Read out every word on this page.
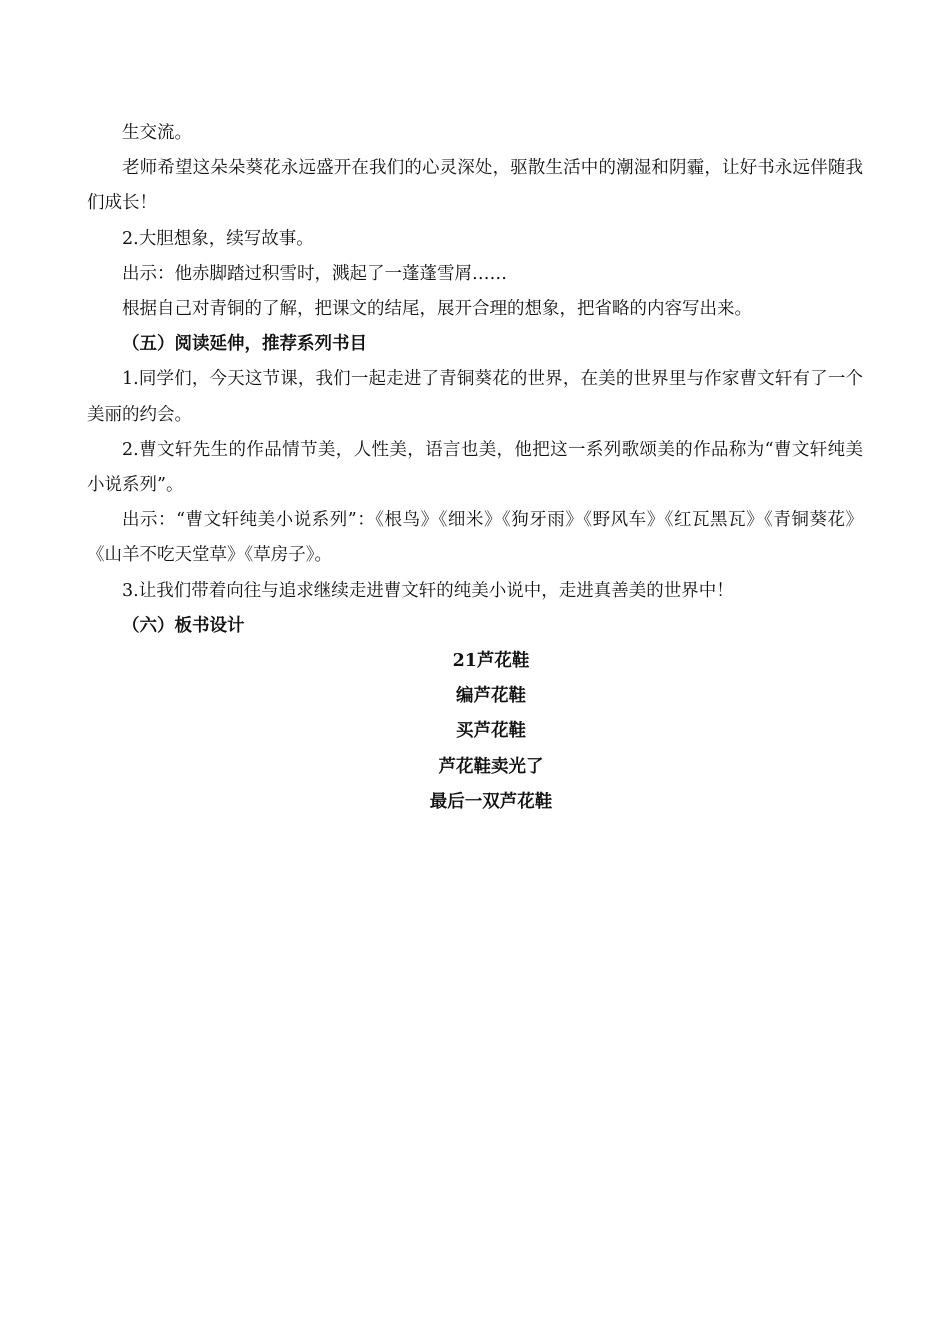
生交流。

老师希望这朵朵葵花永远盛开在我们的心灵深处，驱散生活中的潮湿和阴霾，让好书永远伴随我们成长！

2.大胆想象，续写故事。

出示：他赤脚踏过积雪时，溅起了一蓬蓬雪屑……

根据自己对青铜的了解，把课文的结尾，展开合理的想象，把省略的内容写出来。

（五）阅读延伸，推荐系列书目

1.同学们，今天这节课，我们一起走进了青铜葵花的世界，在美的世界里与作家曹文轩有了一个美丽的约会。

2.曹文轩先生的作品情节美，人性美，语言也美，他把这一系列歌颂美的作品称为“曹文轩纯美小说系列”。

出示：“曹文轩纯美小说系列”：《根鸟》《细米》《狗牙雨》《野风车》《红瓦黑瓦》《青铜葵花》《山羊不吃天堂草》《草房子》。

3.让我们带着向往与追求继续走进曹文轩的纯美小说中，走进真善美的世界中！

（六）板书设计

21芦花鞋

编芦花鞋

买芦花鞋

芦花鞋卖光了

最后一双芦花鞋
